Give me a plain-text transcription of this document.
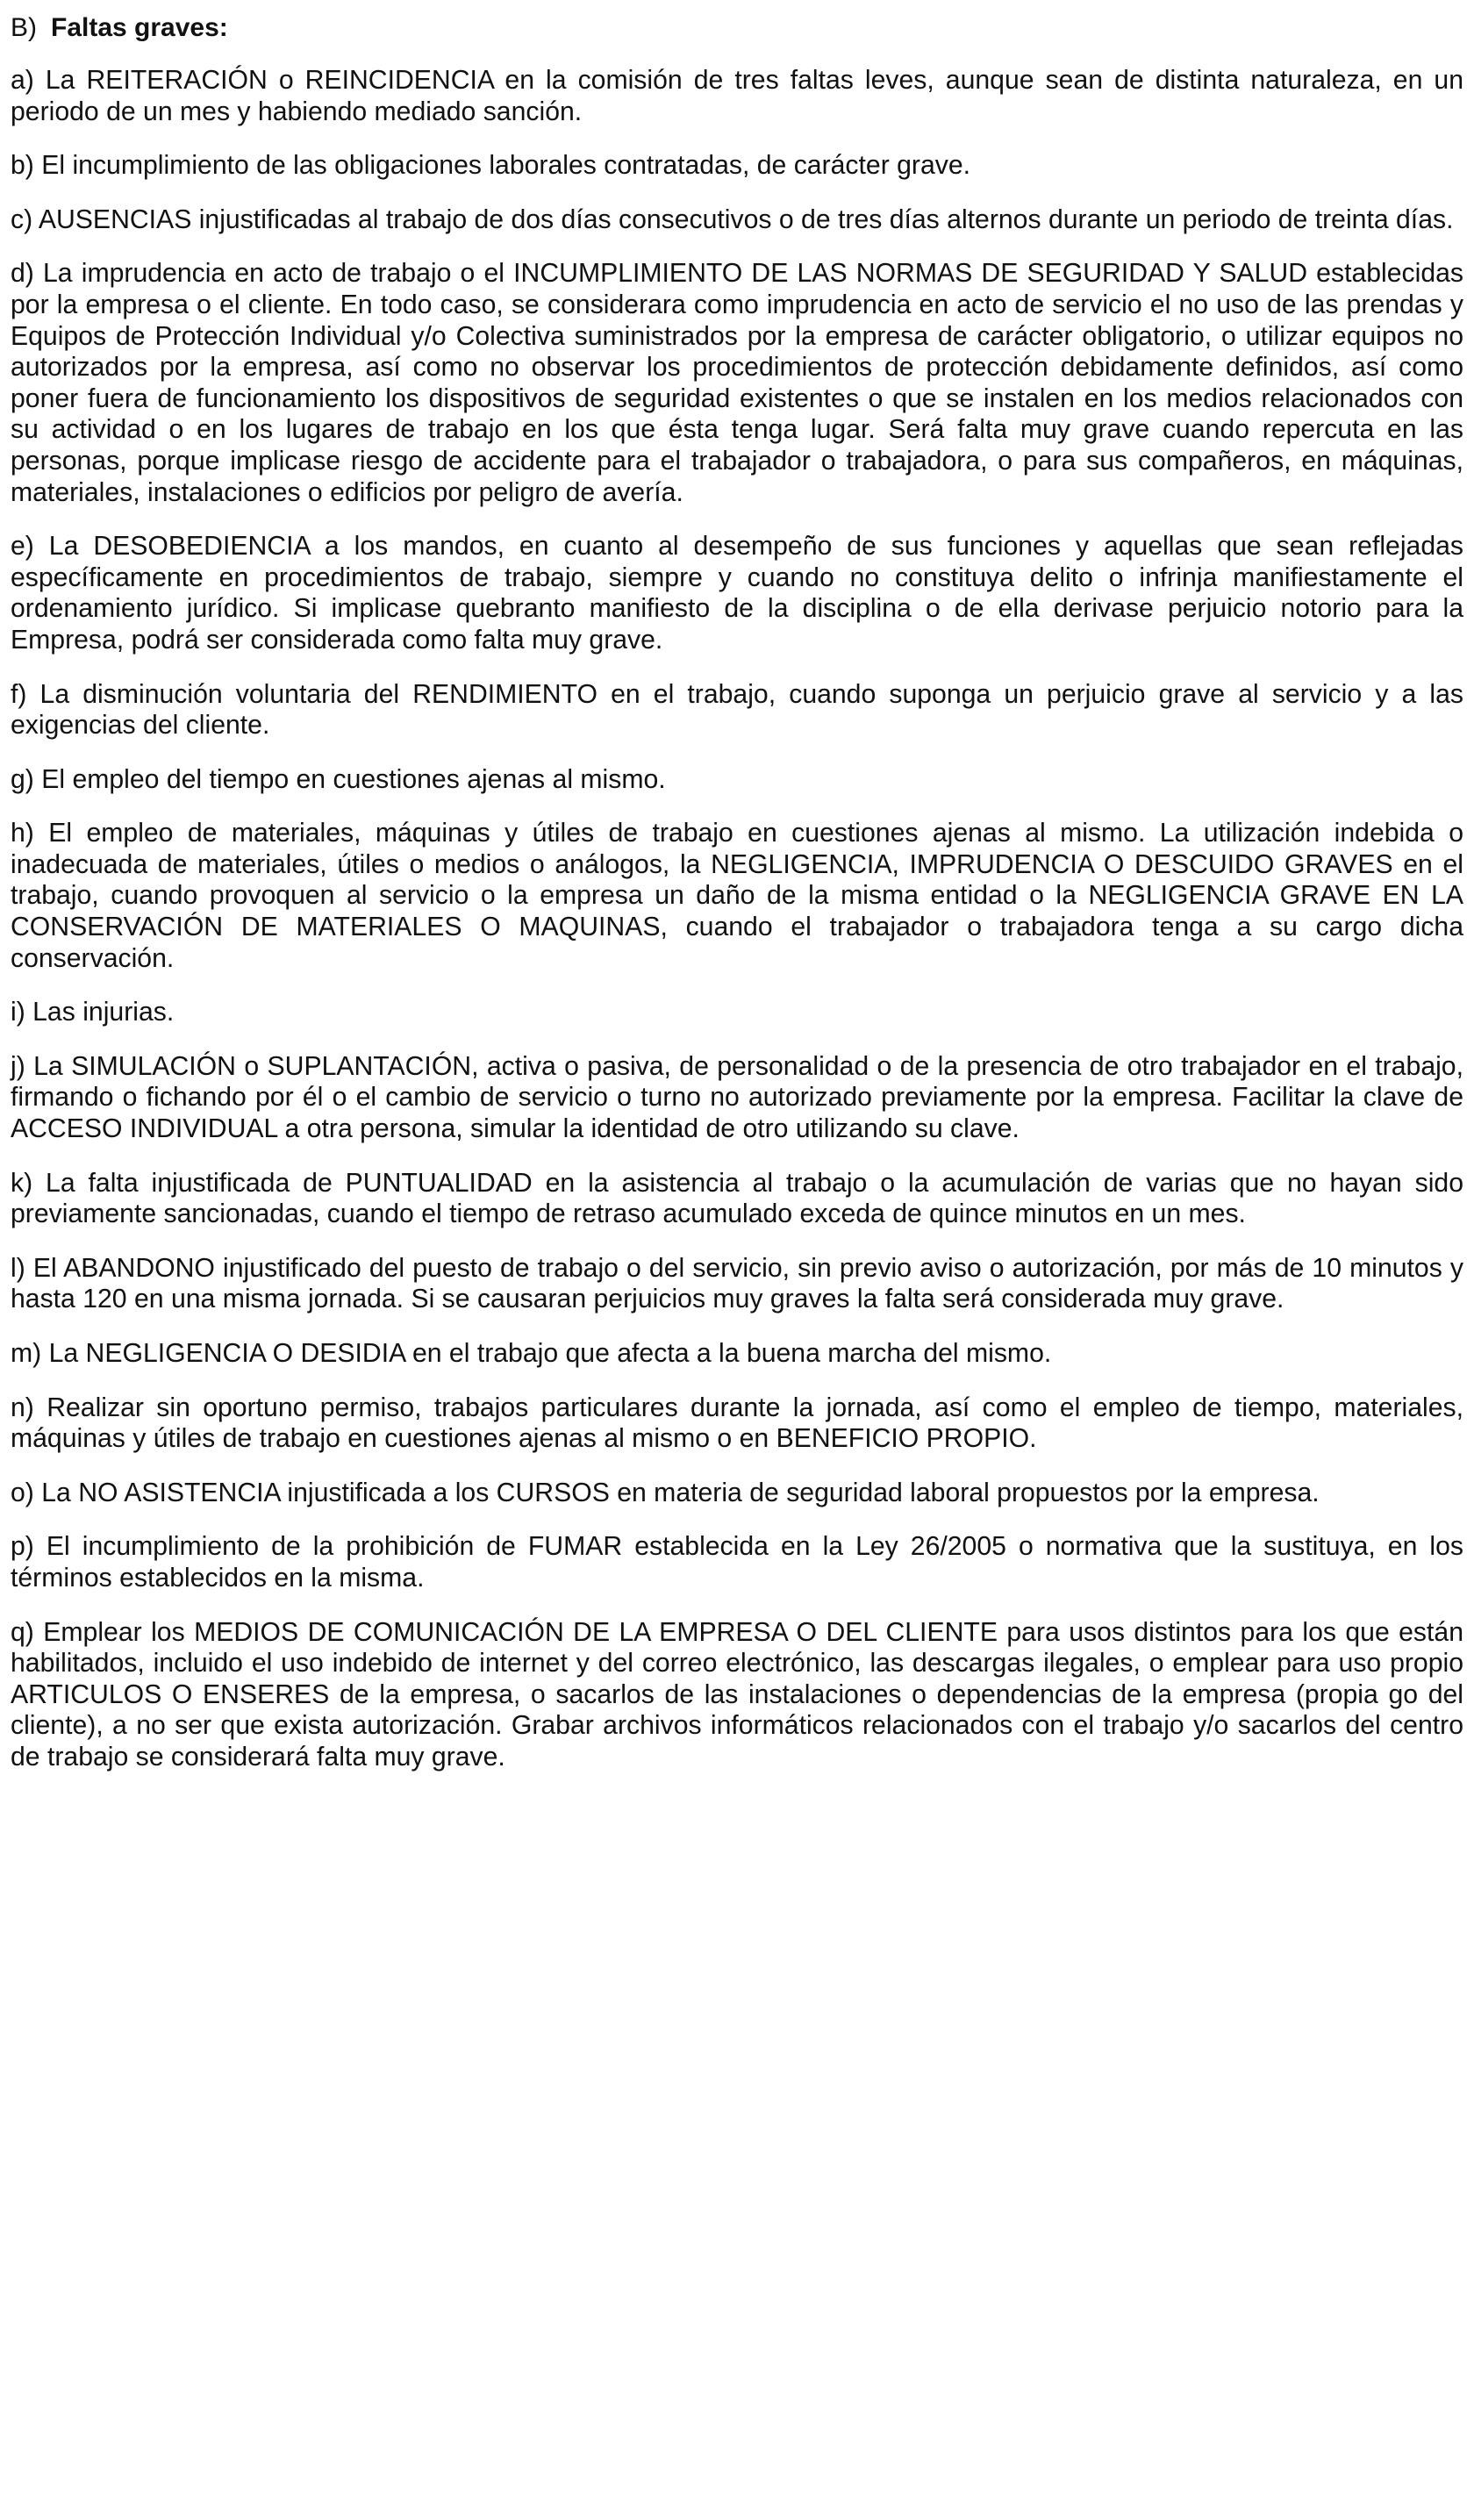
B) Faltas graves:

a) La REITERACIÓN o REINCIDENCIA en la comisión de tres faltas leves, aunque sean de distinta naturaleza, en un periodo de un mes y habiendo mediado sanción.

b) El incumplimiento de las obligaciones laborales contratadas, de carácter grave.

c) AUSENCIAS injustificadas al trabajo de dos días consecutivos o de tres días alternos durante un periodo de treinta días.

d) La imprudencia en acto de trabajo o el INCUMPLIMIENTO DE LAS NORMAS DE SEGURIDAD Y SALUD establecidas por la empresa o el cliente. En todo caso, se considerara como imprudencia en acto de servicio el no uso de las prendas y Equipos de Protección Individual y/o Colectiva suministrados por la empresa de carácter obligatorio, o utilizar equipos no autorizados por la empresa, así como no observar los procedimientos de protección debidamente definidos, así como poner fuera de funcionamiento los dispositivos de seguridad existentes o que se instalen en los medios relacionados con su actividad o en los lugares de trabajo en los que ésta tenga lugar. Será falta muy grave cuando repercuta en las personas, porque implicase riesgo de accidente para el trabajador o trabajadora, o para sus compañeros, en máquinas, materiales, instalaciones o edificios por peligro de avería.

e) La DESOBEDIENCIA a los mandos, en cuanto al desempeño de sus funciones y aquellas que sean reflejadas específicamente en procedimientos de trabajo, siempre y cuando no constituya delito o infrinja manifiestamente el ordenamiento jurídico. Si implicase quebranto manifiesto de la disciplina o de ella derivase perjuicio notorio para la Empresa, podrá ser considerada como falta muy grave.

f) La disminución voluntaria del RENDIMIENTO en el trabajo, cuando suponga un perjuicio grave al servicio y a las exigencias del cliente.

g) El empleo del tiempo en cuestiones ajenas al mismo.

h) El empleo de materiales, máquinas y útiles de trabajo en cuestiones ajenas al mismo. La utilización indebida o inadecuada de materiales, útiles o medios o análogos, la NEGLIGENCIA, IMPRUDENCIA O DESCUIDO GRAVES en el trabajo, cuando provoquen al servicio o la empresa un daño de la misma entidad o la NEGLIGENCIA GRAVE EN LA CONSERVACIÓN DE MATERIALES O MAQUINAS, cuando el trabajador o trabajadora tenga a su cargo dicha conservación.

i) Las injurias.

j) La SIMULACIÓN o SUPLANTACIÓN, activa o pasiva, de personalidad o de la presencia de otro trabajador en el trabajo, firmando o fichando por él o el cambio de servicio o turno no autorizado previamente por la empresa. Facilitar la clave de ACCESO INDIVIDUAL a otra persona, simular la identidad de otro utilizando su clave.

k) La falta injustificada de PUNTUALIDAD en la asistencia al trabajo o la acumulación de varias que no hayan sido previamente sancionadas, cuando el tiempo de retraso acumulado exceda de quince minutos en un mes.

l) El ABANDONO injustificado del puesto de trabajo o del servicio, sin previo aviso o autorización, por más de 10 minutos y hasta 120 en una misma jornada. Si se causaran perjuicios muy graves la falta será considerada muy grave.

m) La NEGLIGENCIA O DESIDIA en el trabajo que afecta a la buena marcha del mismo.

n) Realizar sin oportuno permiso, trabajos particulares durante la jornada, así como el empleo de tiempo, materiales, máquinas y útiles de trabajo en cuestiones ajenas al mismo o en BENEFICIO PROPIO.

o) La NO ASISTENCIA injustificada a los CURSOS en materia de seguridad laboral propuestos por la empresa.

p) El incumplimiento de la prohibición de FUMAR establecida en la Ley 26/2005 o normativa que la sustituya, en los términos establecidos en la misma.

q) Emplear los MEDIOS DE COMUNICACIÓN DE LA EMPRESA O DEL CLIENTE para usos distintos para los que están habilitados, incluido el uso indebido de internet y del correo electrónico, las descargas ilegales, o emplear para uso propio ARTICULOS O ENSERES de la empresa, o sacarlos de las instalaciones o dependencias de la empresa (propia go del cliente), a no ser que exista autorización. Grabar archivos informáticos relacionados con el trabajo y/o sacarlos del centro de trabajo se considerará falta muy grave.
